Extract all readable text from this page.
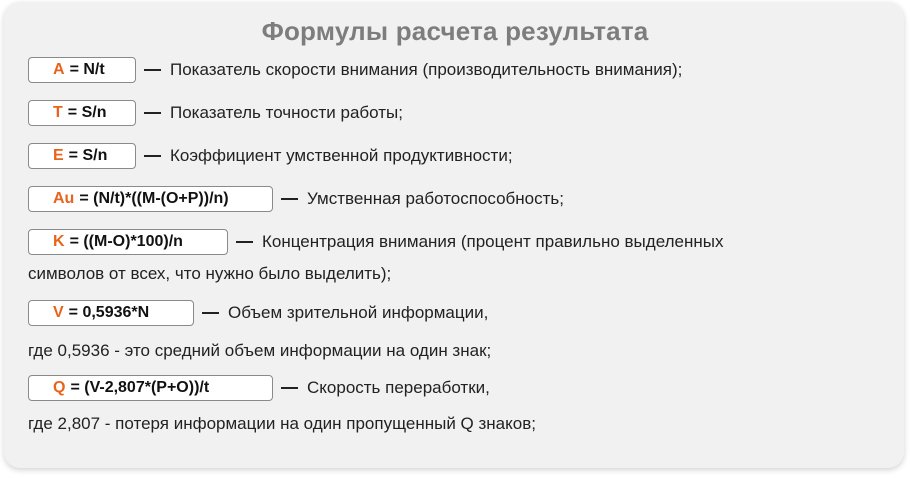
Формулы расчета результата
A = N/t	Показатель скорости внимания (производительность внимания);
T = S/n	Показатель точности работы;
E = S/n	Коэффициент умственной продуктивности;
Au = (N/t)*((M-(O+P))/n)	Умственная работоспособность;
K = ((M-O)*100)/n	Концентрация внимания (процент правильно выделенных
символов от всех, что нужно было выделить);
V = 0,5936*N	Объем зрительной информации,
где 0,5936 - это средний объем информации на один знак;
Q = (V-2,807*(P+O))/t	Скорость переработки,
где 2,807 - потеря информации на один пропущенный Q знаков;
